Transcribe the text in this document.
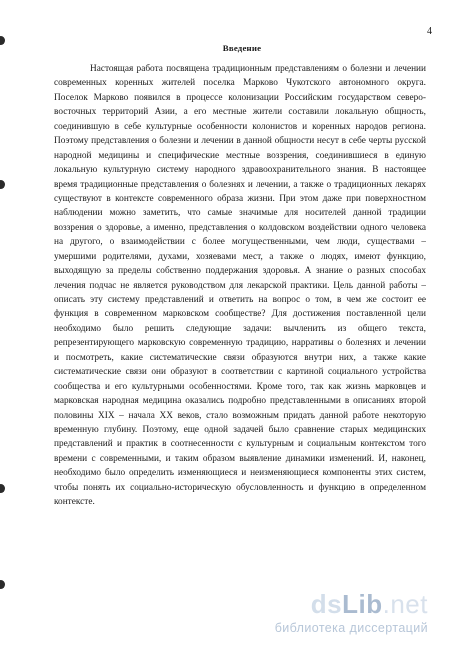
4
Введение
Настоящая работа посвящена традиционным представлениям о болезни и лечении
современных коренных жителей поселка Марково Чукотского автономного округа.
Поселок Марково появился в процессе колонизации Российским государством северо-
восточных территорий Азии, а его местные жители составили локальную общность,
соединившую в себе культурные особенности колонистов и коренных народов региона.
Поэтому представления о болезни и лечении в данной общности несут в себе черты русской
народной медицины и специфические местные воззрения, соединившиеся в единую
локальную культурную систему народного здравоохранительного знания. В настоящее
время традиционные представления о болезнях и лечении, а также о традиционных лекарях
существуют в контексте современного образа жизни. При этом даже при поверхностном
наблюдении можно заметить, что самые значимые для носителей данной традиции
воззрения о здоровье, а именно, представления о колдовском воздействии одного человека
на другого, о взаимодействии с более могущественными, чем люди, существами –
умершими родителями, духами, хозяевами мест, а также о людях, имеют функцию,
выходящую за пределы собственно поддержания здоровья. А знание о разных способах
лечения подчас не является руководством для лекарской практики. Цель данной работы –
описать эту систему представлений и ответить на вопрос о том, в чем же состоит ее
функция в современном марковском сообществе? Для достижения поставленной цели
необходимо было решить следующие задачи: вычленить из общего текста,
репрезентирующего марковскую современную традицию, нарративы о болезнях и лечении
и посмотреть, какие систематические связи образуются внутри них, а также какие
систематические связи они образуют в соответствии с картиной социального устройства
сообщества и его культурными особенностями. Кроме того, так как жизнь марковцев и
марковская народная медицина оказались подробно представленными в описаниях второй
половины XIX – начала XX веков, стало возможным придать данной работе некоторую
временную глубину. Поэтому, еще одной задачей было сравнение старых медицинских
представлений и практик в соотнесенности с культурным и социальным контекстом того
времени с современными, и таким образом выявление динамики изменений. И, наконец,
необходимо было определить изменяющиеся и неизменяющиеся компоненты этих систем,
чтобы понять их социально-историческую обусловленность и функцию в определенном
контексте.
dsLib.net
библиотека диссертаций
